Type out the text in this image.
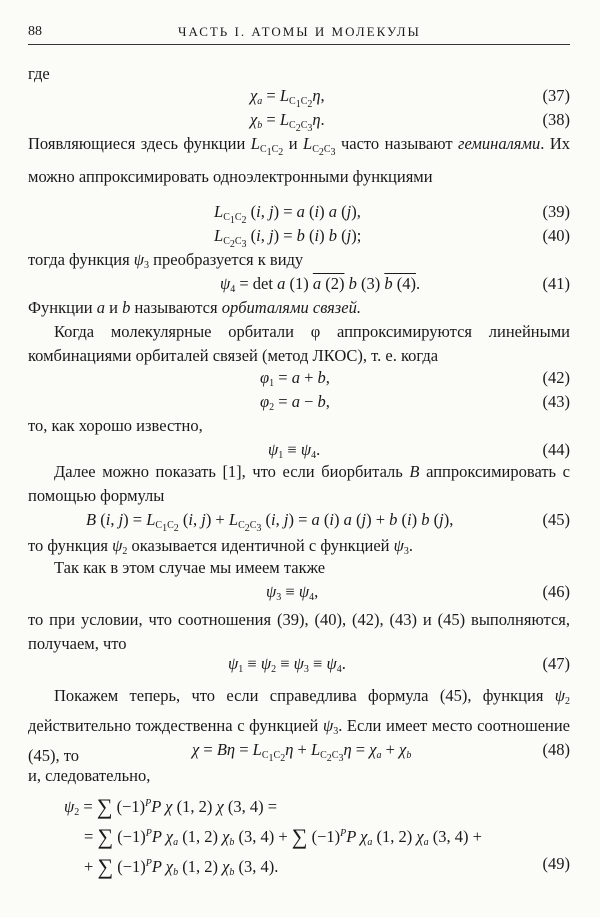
88	ЧАСТЬ I. АТОМЫ И МОЛЕКУЛЫ
где
$\chi_a = L_{C_1C_2}\eta$,	(37)
$\chi_b = L_{C_2C_3}\eta$.	(38)
Появляющиеся здесь функции $L_{C_1C_2}$ и $L_{C_2C_3}$ часто называют геминалями. Их можно аппроксимировать одноэлектронными функциями
$L_{C_1C_2}$ (i, j) = a (i) a (j),	(39)
$L_{C_2C_3}$ (i, j) = b (i) b (j);	(40)
тогда функция $\psi_3$ преобразуется к виду
$\psi_4 = \det a$ (1) a (2) b (3) b (4).	(41)
Функции a и b называются орбиталями связей.
Когда молекулярные орбитали φ аппроксимируются линейными комбинациями орбиталей связей (метод ЛКОС), т. е. когда
$\varphi_1 = a + b$,	(42)
$\varphi_2 = a - b$,	(43)
то, как хорошо известно,
$\psi_1 \equiv \psi_4$.	(44)
Далее можно показать [1], что если биорбиталь B аппроксимировать с помощью формулы
B (i, $j) = L_{C_1C_2}$ (i, $j) + L_{C_2C_3}$ (i, j) = a (i) a (j) + b (i) b (j),	(45)
то функция $\psi_2$ оказывается идентичной с функцией $\psi_3$.
Так как в этом случае мы имеем также
$\psi_3 \equiv \psi_4$,	(46)
то при условии, что соотношения (39), (40), (42), (43) и (45) выполняются, получаем, что
$\psi_1 \equiv \psi_2 \equiv \psi_3 \equiv \psi_4$.	(47)
Покажем теперь, что если справедлива формула (45), функция $\psi_2$ действительно тождественна с функцией $\psi_3$. Если имеет место соотношение (45), то	$\chi = B\eta = L_{C_1C_2}\eta + L_{C_2C_3}\eta = \chi_a + \chi_b$	(48)
и, следовательно,
$\psi_2$ = ∑ $(-1)^PP$ χ (1, 2) χ (3, 4) =
= ∑ $(-1)^PP$ $\chi_a$ (1, 2) $\chi_b$ (3, 4) + ∑ $(-1)^PP$ $\chi_a$ (1, 2) $\chi_a$ (3, 4) +
+ ∑ $(-1)^PP$ $\chi_b$ (1, 2) $\chi_b$ (3, 4).	(49)
